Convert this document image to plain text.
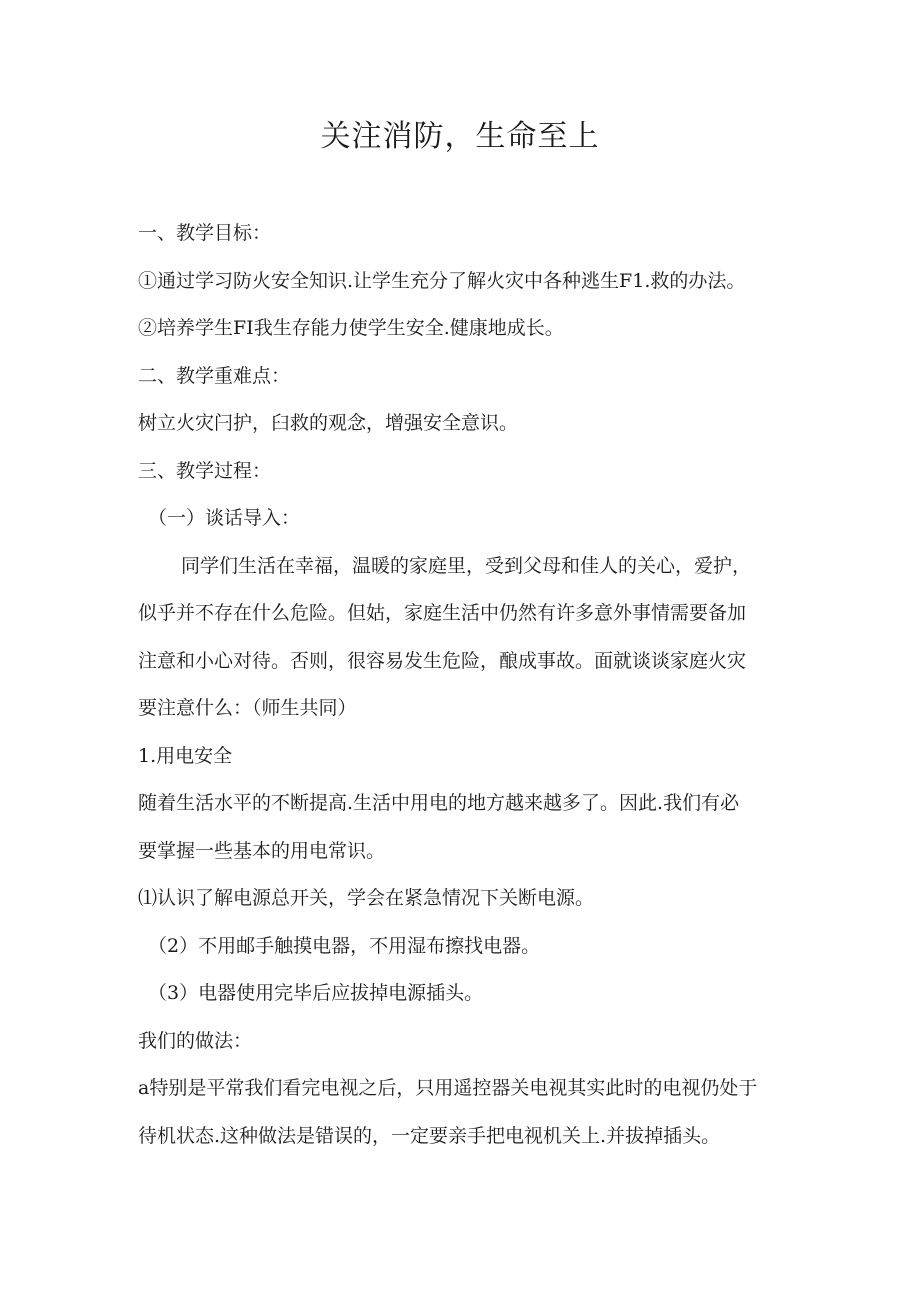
关注消防，生命至上

一、教学目标：

①通过学习防火安全知识.让学生充分了解火灾中各种逃生F1.救的办法。

②培养学生FI我生存能力使学生安全.健康地成长。

二、教学重难点：

树立火灾闩护，臼救的观念，增强安全意识。

三、教学过程：

（一）谈话导入：

同学们生活在幸福，温暖的家庭里，受到父母和佳人的关心，爱护，

似乎并不存在什么危险。但姑，家庭生活中仍然有许多意外事情需要备加

注意和小心对待。否则，很容易发生危险，酿成事故。面就谈谈家庭火灾

要注意什么：（师生共同）

1.用电安全

随着生活水平的不断提高.生活中用电的地方越来越多了。因此.我们有必

要掌握一些基本的用电常识。

⑴认识了解电源总开关，学会在紧急情况下关断电源。

（2）不用邮手触摸电器，不用湿布擦找电器。

（3）电器使用完毕后应拔掉电源插头。

我们的做法：

a特别是平常我们看完电视之后，只用遥控器关电视其实此时的电视仍处于

待机状态.这种做法是错误的，一定要亲手把电视机关上.并拔掉插头。
